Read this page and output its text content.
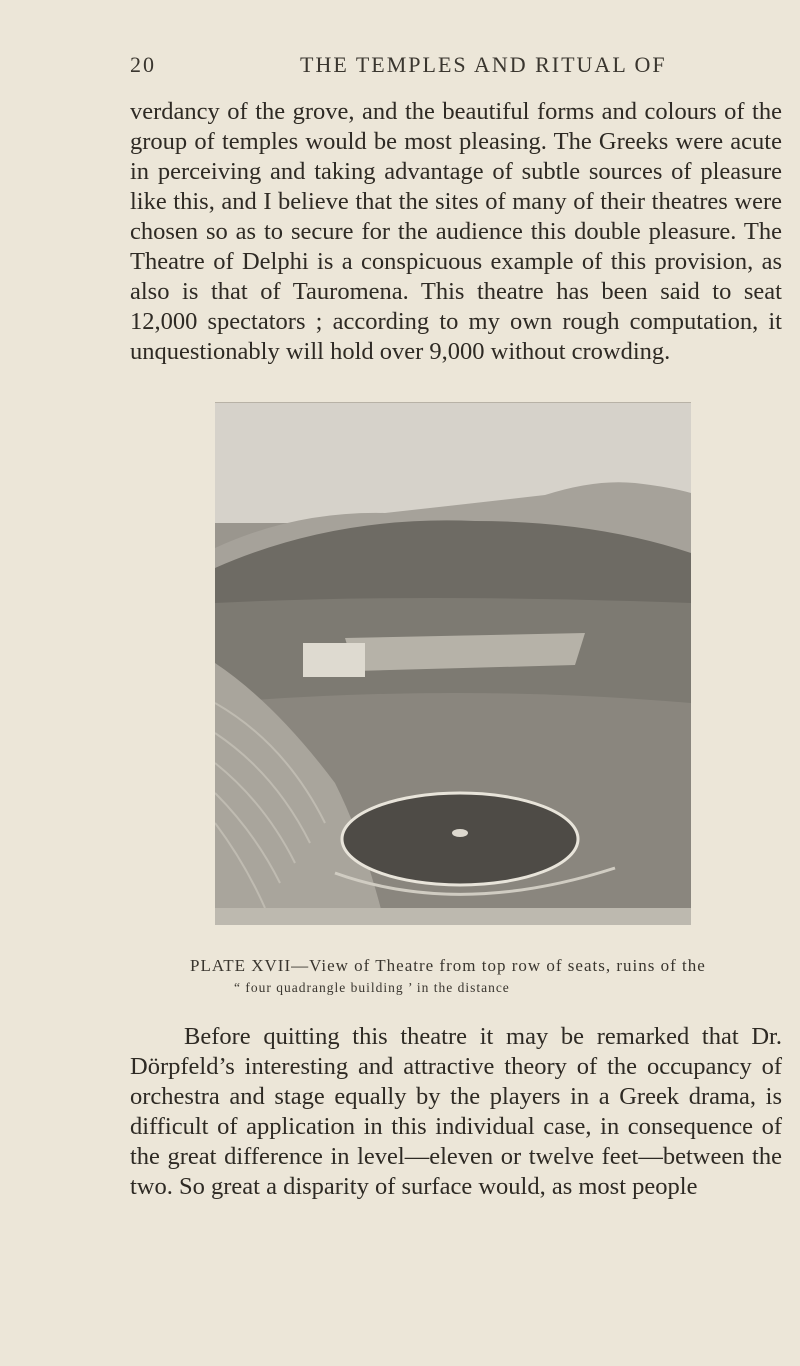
20	THE TEMPLES AND RITUAL OF

verdancy of the grove, and the beautiful forms and colours of the group of temples would be most pleasing. The Greeks were acute in perceiving and taking advantage of subtle sources of pleasure like this, and I believe that the sites of many of their theatres were chosen so as to secure for the audience this double pleasure. The Theatre of Delphi is a conspicuous example of this provision, as also is that of Tauromena. This theatre has been said to seat 12,000 spectators ; according to my own rough computation, it unquestionably will hold over 9,000 without crowding.

PLATE XVII—View of Theatre from top row of seats, ruins of the
“ four quadrangle building ’ in the distance

Before quitting this theatre it may be remarked that Dr. Dörpfeld’s interesting and attractive theory of the occupancy of orchestra and stage equally by the players in a Greek drama, is difficult of application in this individual case, in consequence of the great difference in level—eleven or twelve feet—between the two. So great a disparity of surface would, as most people
